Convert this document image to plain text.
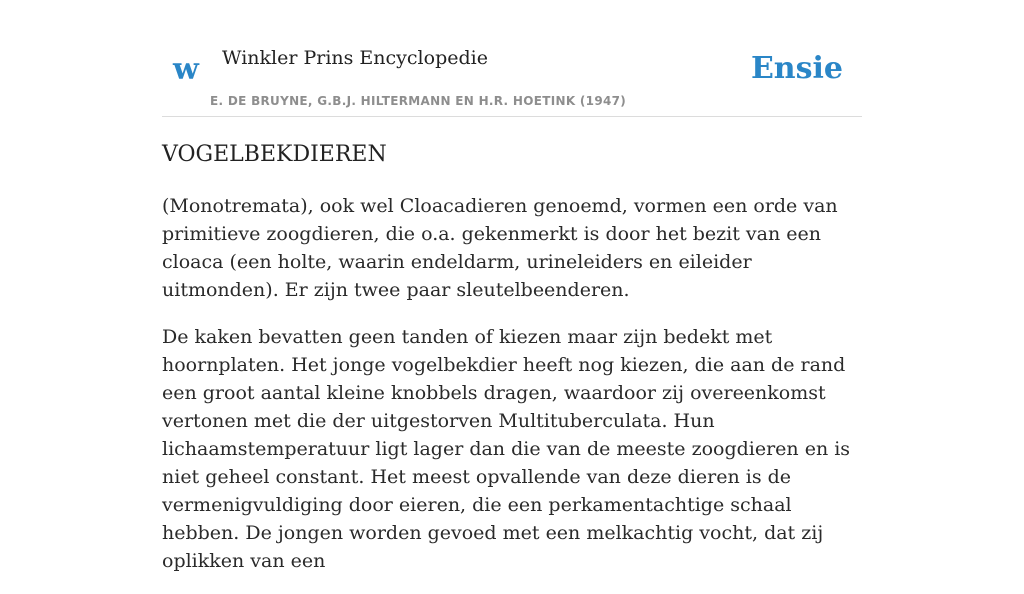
w Winkler Prins Encyclopedie
E. DE BRUYNE, G.B.J. HILTERMANN EN H.R. HOETINK (1947)
Ensie
VOGELBEKDIEREN

(Monotremata), ook wel Cloacadieren genoemd, vormen een orde van primitieve zoogdieren, die o.a. gekenmerkt is door het bezit van een cloaca (een holte, waarin endeldarm, urineleiders en eileider uitmonden). Er zijn twee paar sleutelbeenderen.

De kaken bevatten geen tanden of kiezen maar zijn bedekt met hoornplaten. Het jonge vogelbekdier heeft nog kiezen, die aan de rand een groot aantal kleine knobbels dragen, waardoor zij overeenkomst vertonen met die der uitgestorven Multituberculata. Hun lichaamstemperatuur ligt lager dan die van de meeste zoogdieren en is niet geheel constant. Het meest opvallende van deze dieren is de vermenigvuldiging door eieren, die een perkamentachtige schaal hebben. De jongen worden gevoed met een melkachtig vocht, dat zij oplikken van een
